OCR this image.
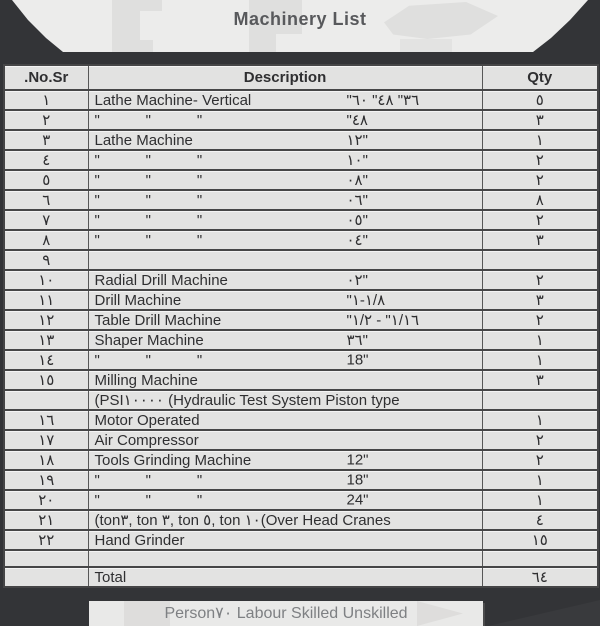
Machinery List
.No.Sr	Description	Qty
١	Lathe Machine- Vertical "٦٠ "٤٨ "٣٦	٥
٢	"           "           " "٤٨	٣
٣	Lathe Machine ١٢"	١
٤	"           "           " ١٠"	٢
٥	"           "           " ٠٨"	٢
٦	"           "           " ٠٦"	٨
٧	"           "           " ٠٥"	٢
٨	"           "           " ٠٤"	٣
٩		
١٠	Radial Drill Machine ٠٢"	٢
١١	Drill Machine "١-١/٨	٣
١٢	Table Drill Machine "١/٢ - "١/١٦	٢
١٣	Shaper Machine ٣٦"	١
١٤	"           "           " 18"	١
١٥	Milling Machine	٣
	(PSI١٠٠٠٠ (Hydraulic Test System Piston type	
١٦	Motor Operated	١
١٧	Air Compressor	٢
١٨	Tools Grinding Machine 12"	٢
١٩	"           "           " 18"	١
٢٠	"           "           " 24"	١
٢١	(ton٣, ton ٣, ton ٥, ton ١٠(Over Head Cranes	٤
٢٢	Hand Grinder	١٥

	Total	٦٤
Person٧٠ Labour Skilled Unskilled
